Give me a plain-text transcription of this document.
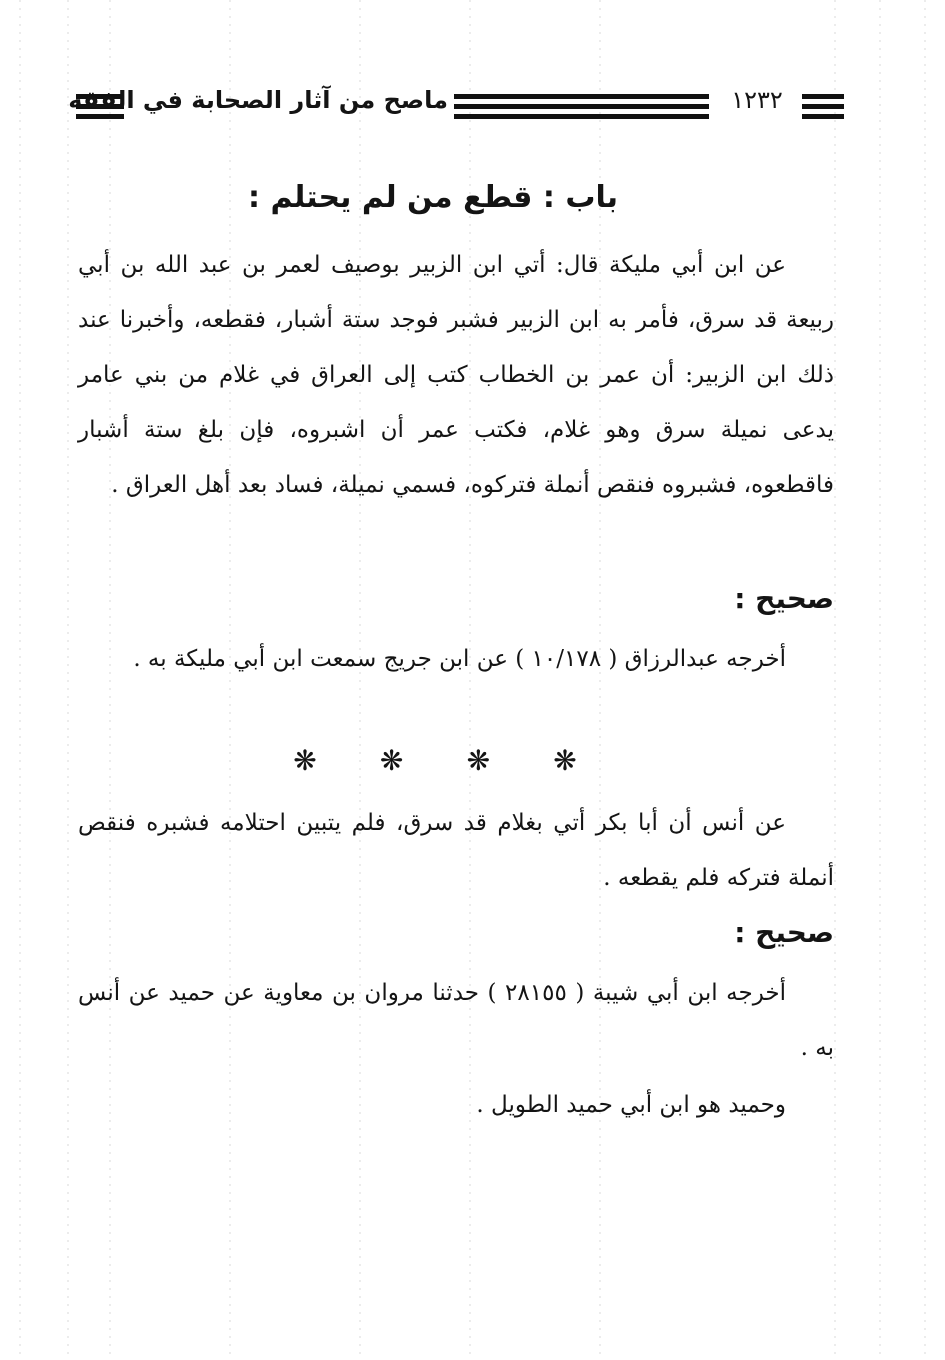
ماصح من آثار الصحابة في الفقه	١٢٣٢
باب : قطع من لم يحتلم :

عن ابن أبي مليكة قال: أتي ابن الزبير بوصيف لعمر بن عبد الله بن أبي ربيعة قد سرق، فأمر به ابن الزبير فشبر فوجد ستة أشبار، فقطعه، وأخبرنا عند ذلك ابن الزبير: أن عمر بن الخطاب كتب إلى العراق في غلام من بني عامر يدعى نميلة سرق وهو غلام، فكتب عمر أن اشبروه، فإن بلغ ستة أشبار فاقطعوه، فشبروه فنقص أنملة فتركوه، فسمي نميلة، فساد بعد أهل العراق .

صحيح :

أخرجه عبدالرزاق ( ١٠/١٧٨ ) عن ابن جريج سمعت ابن أبي مليكة به .

❋ ❋ ❋ ❋

عن أنس أن أبا بكر أتي بغلام قد سرق، فلم يتبين احتلامه فشبره فنقص أنملة فتركه فلم يقطعه .

صحيح :

أخرجه ابن أبي شيبة ( ٢٨١٥٥ ) حدثنا مروان بن معاوية عن حميد عن أنس به .

وحميد هو ابن أبي حميد الطويل .
